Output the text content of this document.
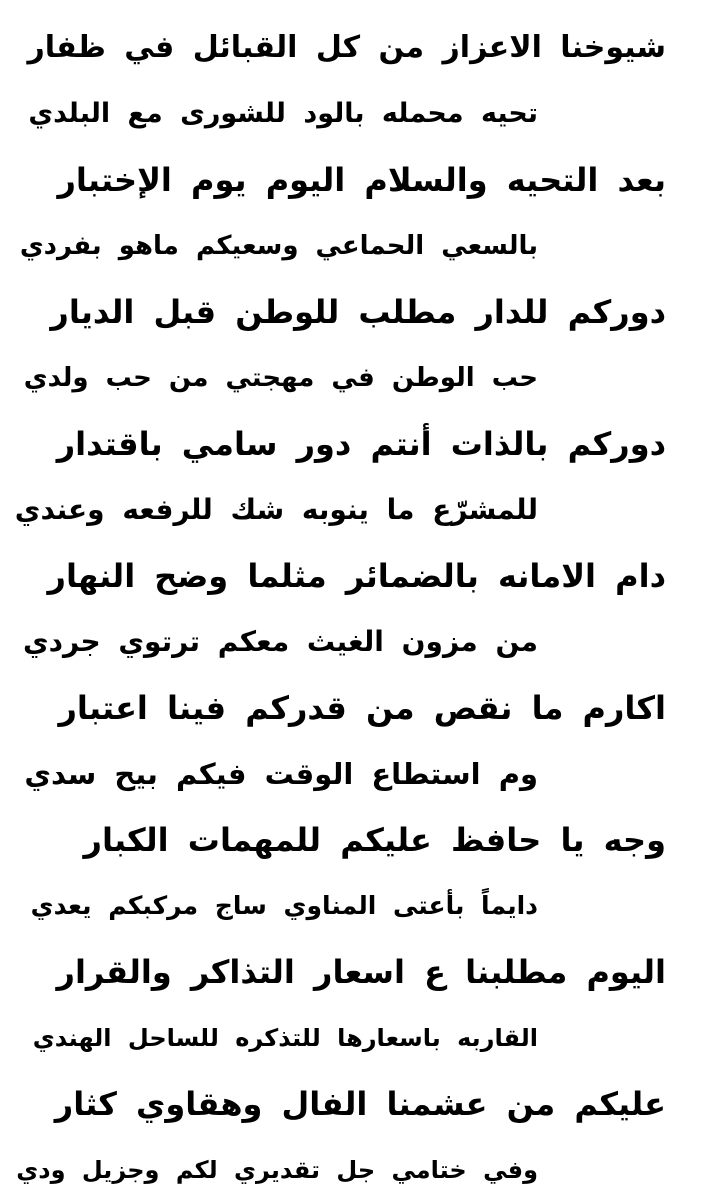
شيوخنا الاعزاز من كل القبائل في ظفار
تحيه محمله بالود للشورى مع البلدي
بعد التحيه والسلام اليوم يوم الإختبار
بالسعي الحماعي وسعيكم ماهو بفردي
دوركم للدار مطلب للوطن قبل الديار
حب الوطن في مهجتي من حب ولدي
دوركم بالذات أنتم دور سامي باقتدار
للمشرّع ما ينوبه شك للرفعه وعندي
دام الامانه بالضمائر مثلما وضح النهار
من مزون الغيث معكم ترتوي جردي
اكارم ما نقص من قدركم فينا اعتبار
وم استطاع الوقت فيكم بيح سدي
وجه يا حافظ عليكم للمهمات الكبار
دايماً بأعتى المناوي ساج مركبكم يعدي
اليوم مطلبنا ع اسعار التذاكر والقرار
القاربه باسعارها للتذكره للساحل الهندي
عليكم من عشمنا الفال وهقاوي كثار
وفي ختامي جل تقديري لكم وجزيل ودي
